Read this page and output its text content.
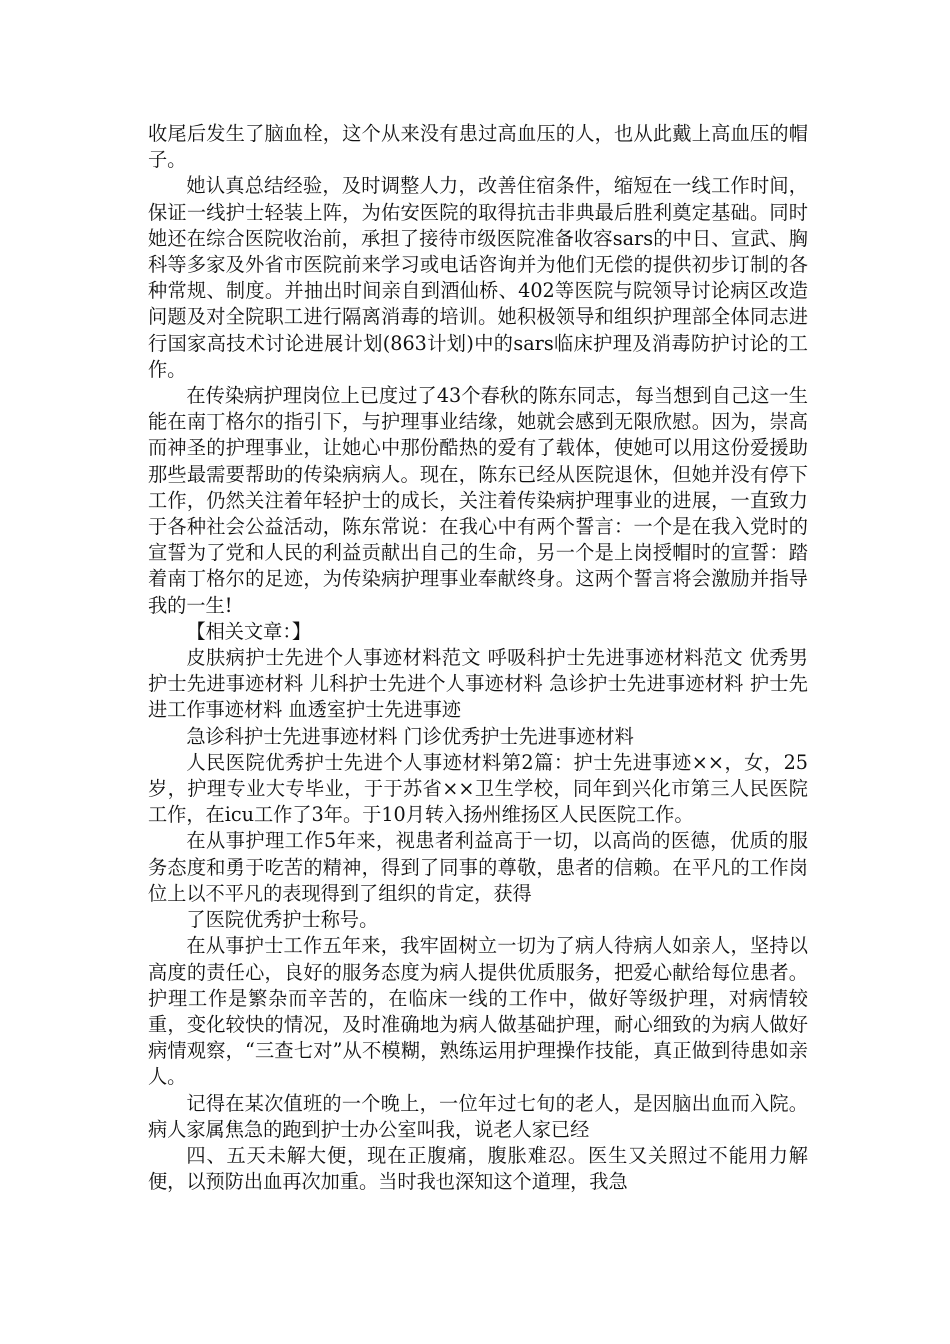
收尾后发生了脑血栓，这个从来没有患过高血压的人，也从此戴上高血压的帽子。

她认真总结经验，及时调整人力，改善住宿条件，缩短在一线工作时间，保证一线护士轻装上阵，为佑安医院的取得抗击非典最后胜利奠定基础。同时她还在综合医院收治前，承担了接待市级医院准备收容sars的中日、宣武、胸科等多家及外省市医院前来学习或电话咨询并为他们无偿的提供初步订制的各种常规、制度。并抽出时间亲自到酒仙桥、402等医院与院领导讨论病区改造问题及对全院职工进行隔离消毒的培训。她积极领导和组织护理部全体同志进行国家高技术讨论进展计划(863计划)中的sars临床护理及消毒防护讨论的工作。

在传染病护理岗位上已度过了43个春秋的陈东同志，每当想到自己这一生能在南丁格尔的指引下，与护理事业结缘，她就会感到无限欣慰。因为，崇高而神圣的护理事业，让她心中那份酷热的爱有了载体，使她可以用这份爱援助那些最需要帮助的传染病病人。现在，陈东已经从医院退休，但她并没有停下工作，仍然关注着年轻护士的成长，关注着传染病护理事业的进展，一直致力于各种社会公益活动，陈东常说：在我心中有两个誓言：一个是在我入党时的宣誓为了党和人民的利益贡献出自己的生命，另一个是上岗授帽时的宣誓：踏着南丁格尔的足迹，为传染病护理事业奉献终身。这两个誓言将会激励并指导我的一生!

【相关文章：】

皮肤病护士先进个人事迹材料范文 呼吸科护士先进事迹材料范文 优秀男护士先进事迹材料 儿科护士先进个人事迹材料 急诊护士先进事迹材料 护士先进工作事迹材料 血透室护士先进事迹

急诊科护士先进事迹材料 门诊优秀护士先进事迹材料

人民医院优秀护士先进个人事迹材料第2篇：护士先进事迹××，女，25岁，护理专业大专毕业，于于苏省××卫生学校，同年到兴化市第三人民医院工作，在icu工作了3年。于10月转入扬州维扬区人民医院工作。

在从事护理工作5年来，视患者利益高于一切，以高尚的医德，优质的服务态度和勇于吃苦的精神，得到了同事的尊敬，患者的信赖。在平凡的工作岗位上以不平凡的表现得到了组织的肯定，获得

了医院优秀护士称号。

在从事护士工作五年来，我牢固树立一切为了病人待病人如亲人，坚持以高度的责任心，良好的服务态度为病人提供优质服务，把爱心献给每位患者。护理工作是繁杂而辛苦的，在临床一线的工作中，做好等级护理，对病情较重，变化较快的情况，及时准确地为病人做基础护理，耐心细致的为病人做好病情观察，“三查七对”从不模糊，熟练运用护理操作技能，真正做到待患如亲人。

记得在某次值班的一个晚上，一位年过七旬的老人，是因脑出血而入院。病人家属焦急的跑到护士办公室叫我，说老人家已经

四、五天未解大便，现在正腹痛，腹胀难忍。医生又关照过不能用力解便，以预防出血再次加重。当时我也深知这个道理，我急
